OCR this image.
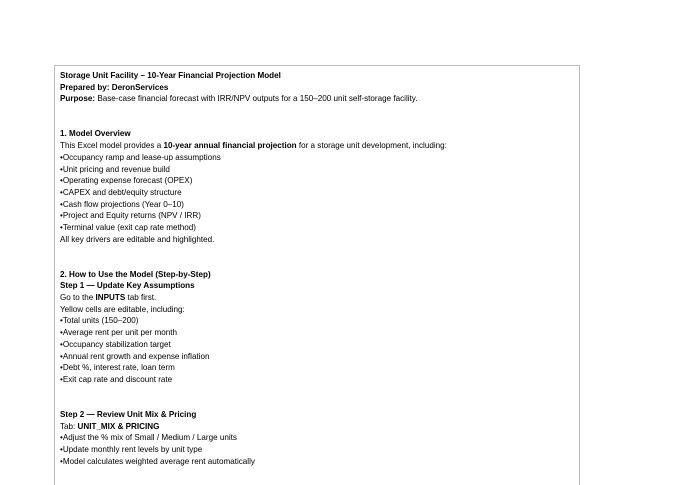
Storage Unit Facility – 10-Year Financial Projection Model
Prepared by: DeronServices
Purpose: Base-case financial forecast with IRR/NPV outputs for a 150–200 unit self-storage facility.
1. Model Overview
This Excel model provides a 10-year annual financial projection for a storage unit development, including:
•Occupancy ramp and lease-up assumptions
•Unit pricing and revenue build
•Operating expense forecast (OPEX)
•CAPEX and debt/equity structure
•Cash flow projections (Year 0–10)
•Project and Equity returns (NPV / IRR)
•Terminal value (exit cap rate method)
All key drivers are editable and highlighted.
2. How to Use the Model (Step-by-Step)
Step 1 — Update Key Assumptions
Go to the INPUTS tab first.
Yellow cells are editable, including:
•Total units (150–200)
•Average rent per unit per month
•Occupancy stabilization target
•Annual rent growth and expense inflation
•Debt %, interest rate, loan term
•Exit cap rate and discount rate
Step 2 — Review Unit Mix & Pricing
Tab: UNIT_MIX & PRICING
•Adjust the % mix of Small / Medium / Large units
•Update monthly rent levels by unit type
•Model calculates weighted average rent automatically
